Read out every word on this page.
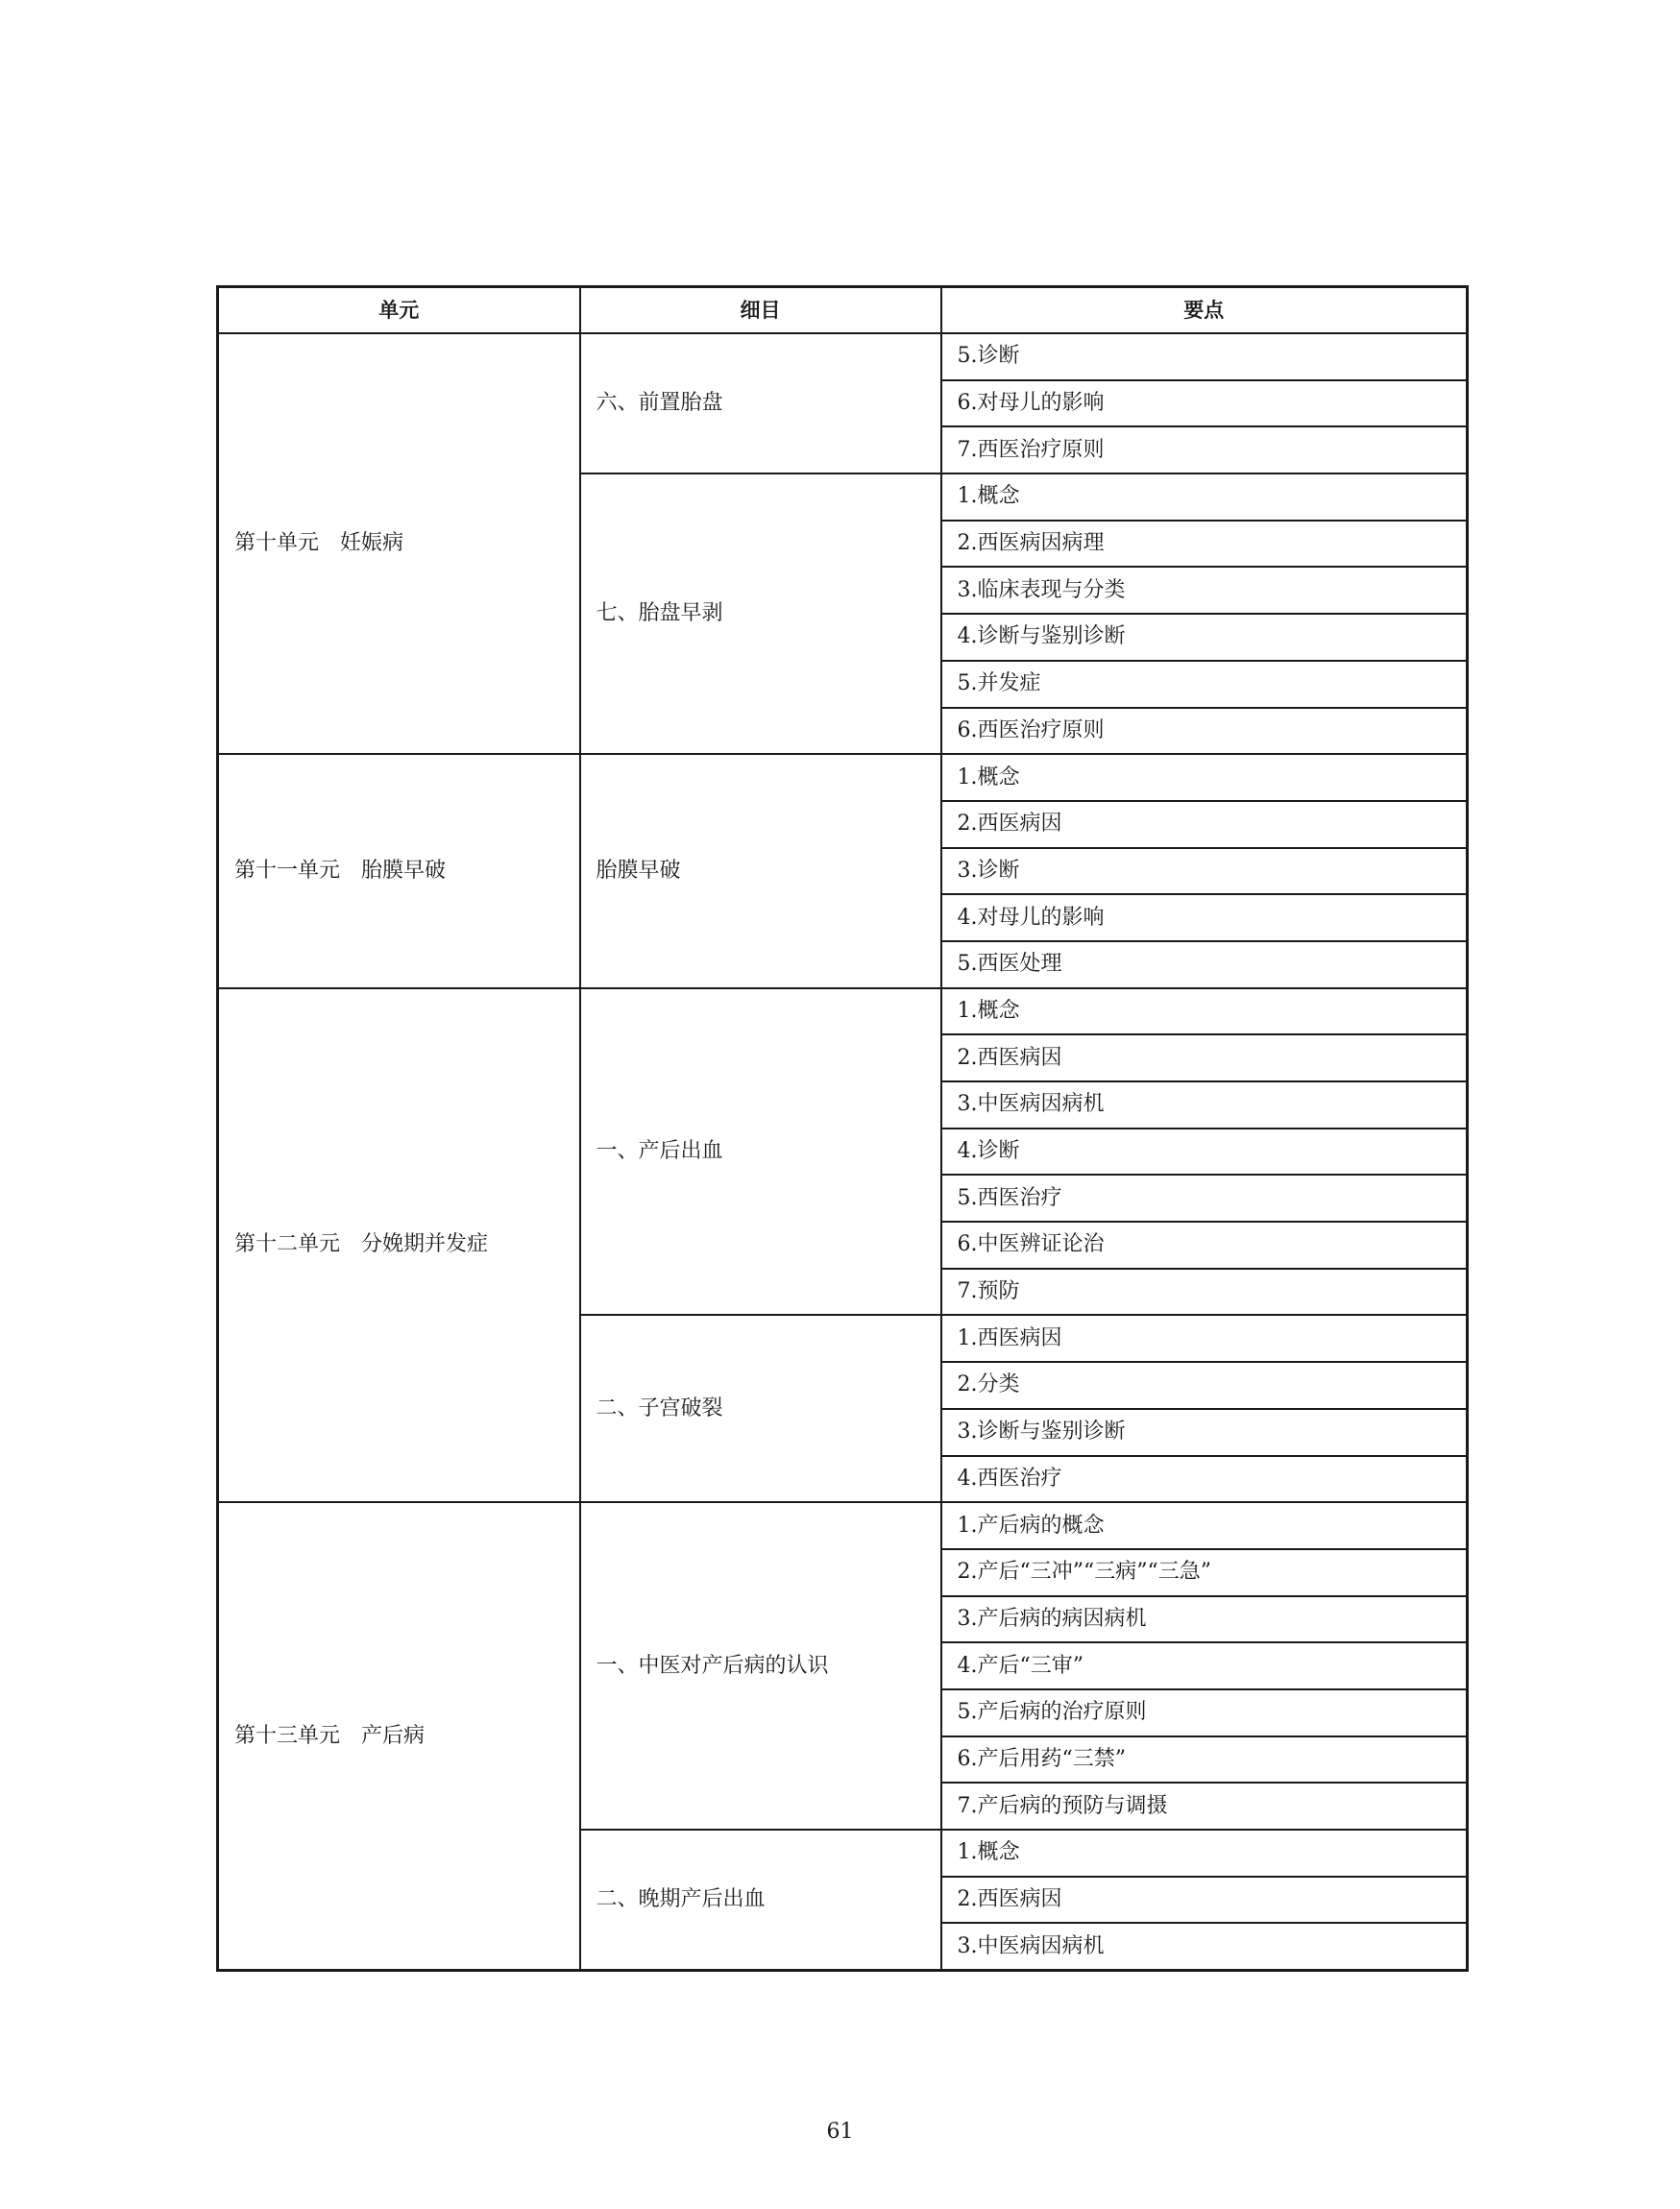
单元	细目	要点
第十单元　妊娠病	六、前置胎盘	5.诊断
		6.对母儿的影响
		7.西医治疗原则
	七、胎盘早剥	1.概念
		2.西医病因病理
		3.临床表现与分类
		4.诊断与鉴别诊断
		5.并发症
		6.西医治疗原则
第十一单元　胎膜早破	胎膜早破	1.概念
		2.西医病因
		3.诊断
		4.对母儿的影响
		5.西医处理
第十二单元　分娩期并发症	一、产后出血	1.概念
		2.西医病因
		3.中医病因病机
		4.诊断
		5.西医治疗
		6.中医辨证论治
		7.预防
	二、子宫破裂	1.西医病因
		2.分类
		3.诊断与鉴别诊断
		4.西医治疗
第十三单元　产后病	一、中医对产后病的认识	1.产后病的概念
		2.产后“三冲”“三病”“三急”
		3.产后病的病因病机
		4.产后“三审”
		5.产后病的治疗原则
		6.产后用药“三禁”
		7.产后病的预防与调摄
	二、晚期产后出血	1.概念
		2.西医病因
		3.中医病因病机
61
